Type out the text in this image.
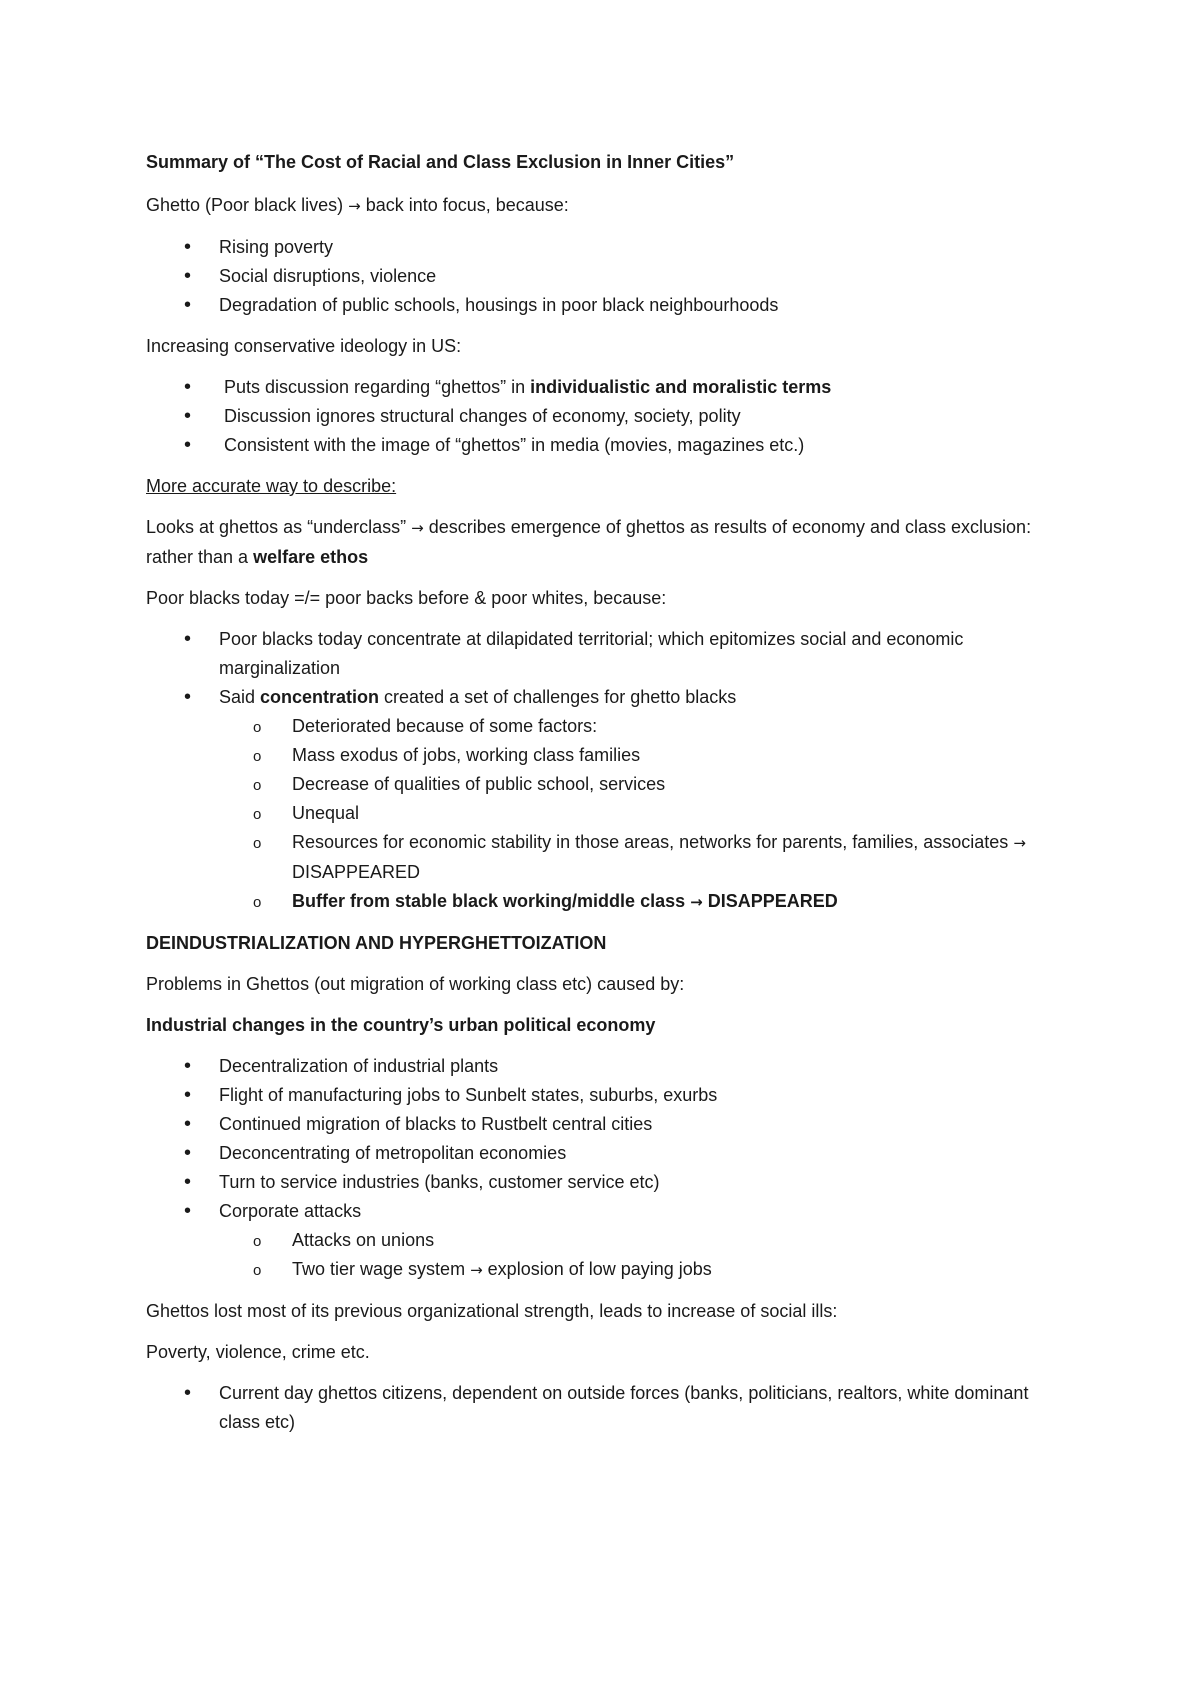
Summary of “The Cost of Racial and Class Exclusion in Inner Cities”

Ghetto (Poor black lives) → back into focus, because:

• Rising poverty
• Social disruptions, violence
• Degradation of public schools, housings in poor black neighbourhoods

Increasing conservative ideology in US:

• Puts discussion regarding “ghettos” in individualistic and moralistic terms
• Discussion ignores structural changes of economy, society, polity
• Consistent with the image of “ghettos” in media (movies, magazines etc.)

More accurate way to describe:

Looks at ghettos as “underclass” → describes emergence of ghettos as results of economy and class exclusion: rather than a welfare ethos

Poor blacks today =/= poor backs before & poor whites, because:

• Poor blacks today concentrate at dilapidated territorial; which epitomizes social and economic marginalization
• Said concentration created a set of challenges for ghetto blacks
o Deteriorated because of some factors:
o Mass exodus of jobs, working class families
o Decrease of qualities of public school, services
o Unequal
o Resources for economic stability in those areas, networks for parents, families, associates → DISAPPEARED
o Buffer from stable black working/middle class → DISAPPEARED

DEINDUSTRIALIZATION AND HYPERGHETTOIZATION

Problems in Ghettos (out migration of working class etc) caused by:

Industrial changes in the country’s urban political economy

• Decentralization of industrial plants
• Flight of manufacturing jobs to Sunbelt states, suburbs, exurbs
• Continued migration of blacks to Rustbelt central cities
• Deconcentrating of metropolitan economies
• Turn to service industries (banks, customer service etc)
• Corporate attacks
o Attacks on unions
o Two tier wage system → explosion of low paying jobs

Ghettos lost most of its previous organizational strength, leads to increase of social ills:

Poverty, violence, crime etc.

• Current day ghettos citizens, dependent on outside forces (banks, politicians, realtors, white dominant class etc)
